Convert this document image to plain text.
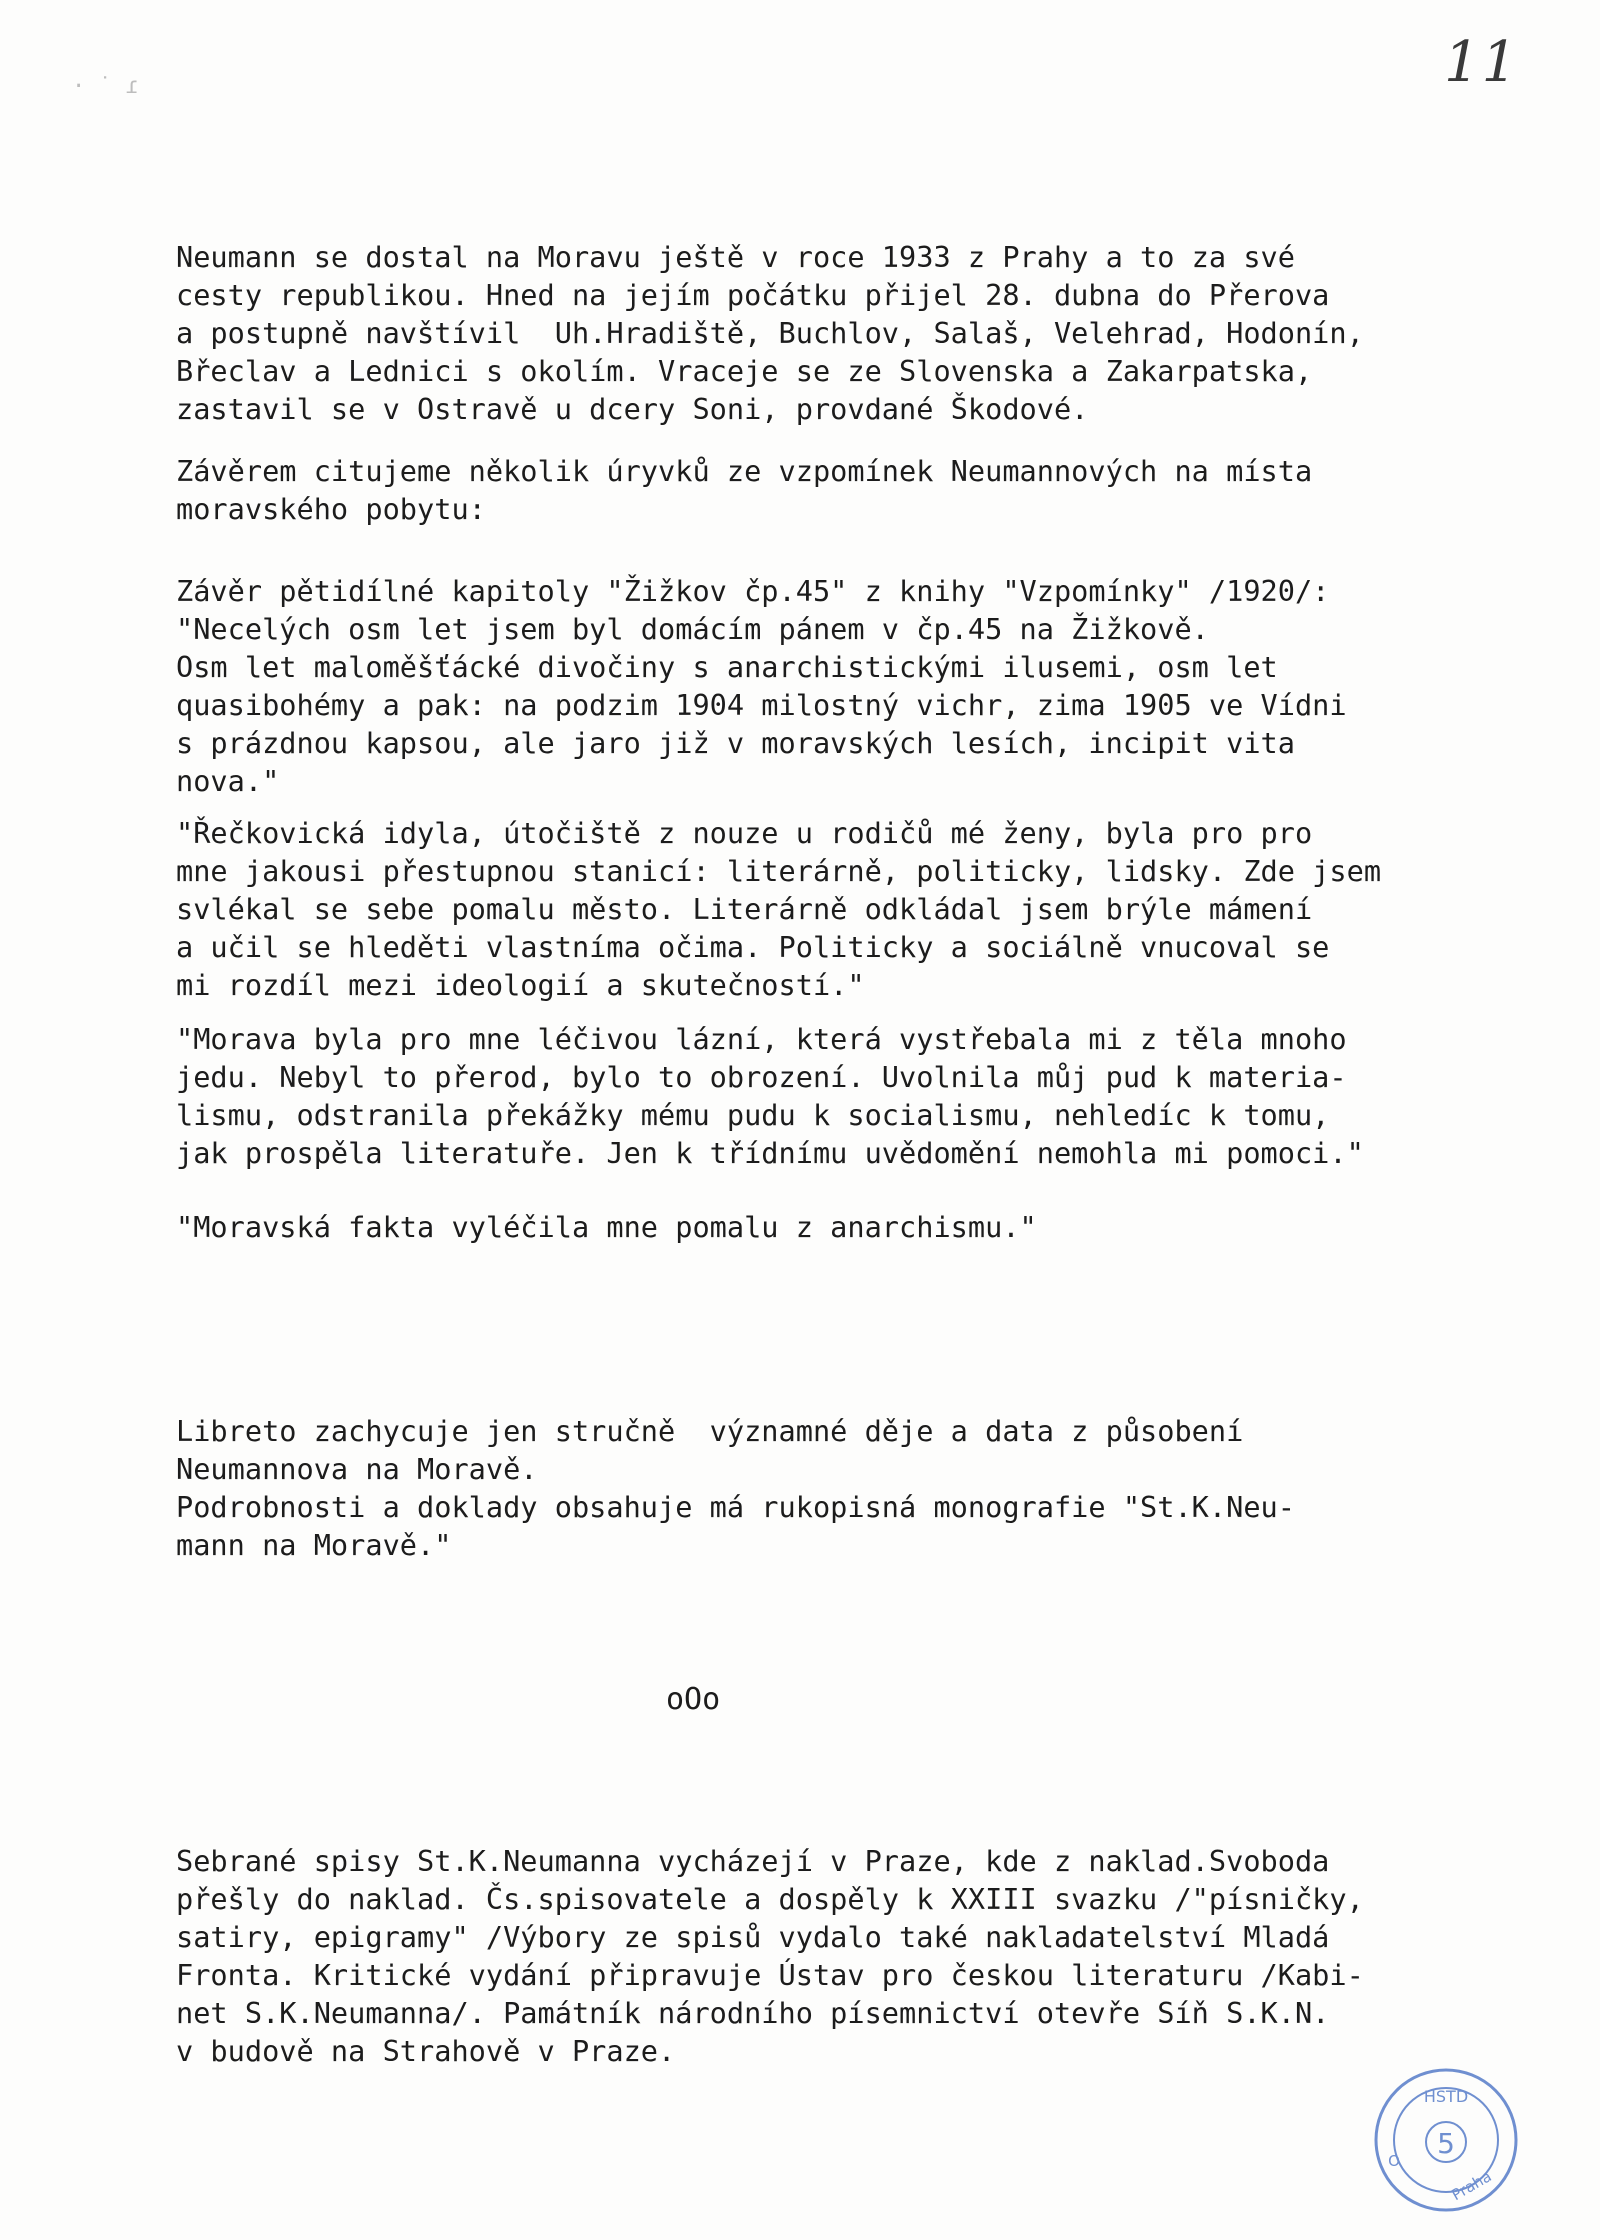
11
· ˙ ɾ
Neumann se dostal na Moravu ještě v roce 1933 z Prahy a to za své
cesty republikou. Hned na jejím počátku přijel 28. dubna do Přerova
a postupně navštívil  Uh.Hradiště, Buchlov, Salaš, Velehrad, Hodonín,
Břeclav a Lednici s okolím. Vraceje se ze Slovenska a Zakarpatska,
zastavil se v Ostravě u dcery Soni, provdané Škodové.
Závěrem citujeme několik úryvků ze vzpomínek Neumannových na místa
moravského pobytu:
Závěr pětidílné kapitoly "Žižkov čp.45" z knihy "Vzpomínky" /1920/:
"Necelých osm let jsem byl domácím pánem v čp.45 na Žižkově.
Osm let maloměšťácké divočiny s anarchistickými ilusemi, osm let
quasibohémy a pak: na podzim 1904 milostný vichr, zima 1905 ve Vídni
s prázdnou kapsou, ale jaro již v moravských lesích, incipit vita
nova."
"Řečkovická idyla, útočiště z nouze u rodičů mé ženy, byla pro pro
mne jakousi přestupnou stanicí: literárně, politicky, lidsky. Zde jsem
svlékal se sebe pomalu město. Literárně odkládal jsem brýle mámení
a učil se hleděti vlastníma očima. Politicky a sociálně vnucoval se
mi rozdíl mezi ideologií a skutečností."
"Morava byla pro mne léčivou lázní, která vystřebala mi z těla mnoho
jedu. Nebyl to přerod, bylo to obrození. Uvolnila můj pud k materia-
lismu, odstranila překážky mému pudu k socialismu, nehledíc k tomu,
jak prospěla literatuře. Jen k třídnímu uvědomění nemohla mi pomoci."
"Moravská fakta vyléčila mne pomalu z anarchismu."
Libreto zachycuje jen stručně  významné děje a data z působení
Neumannova na Moravě.
Podrobnosti a doklady obsahuje má rukopisná monografie "St.K.Neu-
mann na Moravě."
oOo
Sebrané spisy St.K.Neumanna vycházejí v Praze, kde z naklad.Svoboda
přešly do naklad. Čs.spisovatele a dospěly k XXIII svazku /"písničky,
satiry, epigramy" /Výbory ze spisů vydalo také nakladatelství Mladá
Fronta. Kritické vydání připravuje Ústav pro českou literaturu /Kabi-
net S.K.Neumanna/. Památník národního písemnictví otevře Síň S.K.N.
v budově na Strahově v Praze.
HSTD
5
Praha
O
